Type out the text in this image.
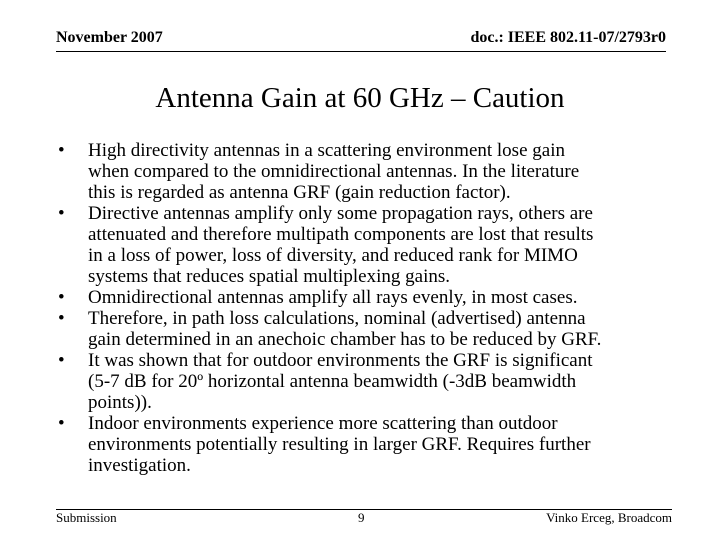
November 2007	doc.: IEEE 802.11-07/2793r0
Antenna Gain at 60 GHz – Caution
•	High directivity antennas in a scattering environment lose gain
when compared to the omnidirectional antennas. In the literature
this is regarded as antenna GRF (gain reduction factor).
•	Directive antennas amplify only some propagation rays, others are
attenuated and therefore multipath components are lost that results
in a loss of power, loss of diversity, and reduced rank for MIMO
systems that reduces spatial multiplexing gains.
•	Omnidirectional antennas amplify all rays evenly, in most cases.
•	Therefore, in path loss calculations, nominal (advertised) antenna
gain determined in an anechoic chamber has to be reduced by GRF.
•	It was shown that for outdoor environments the GRF is significant
(5-7 dB for 20º horizontal antenna beamwidth (-3dB beamwidth
points)).
•	Indoor environments experience more scattering than outdoor
environments potentially resulting in larger GRF. Requires further
investigation.
Submission	9	Vinko Erceg, Broadcom
